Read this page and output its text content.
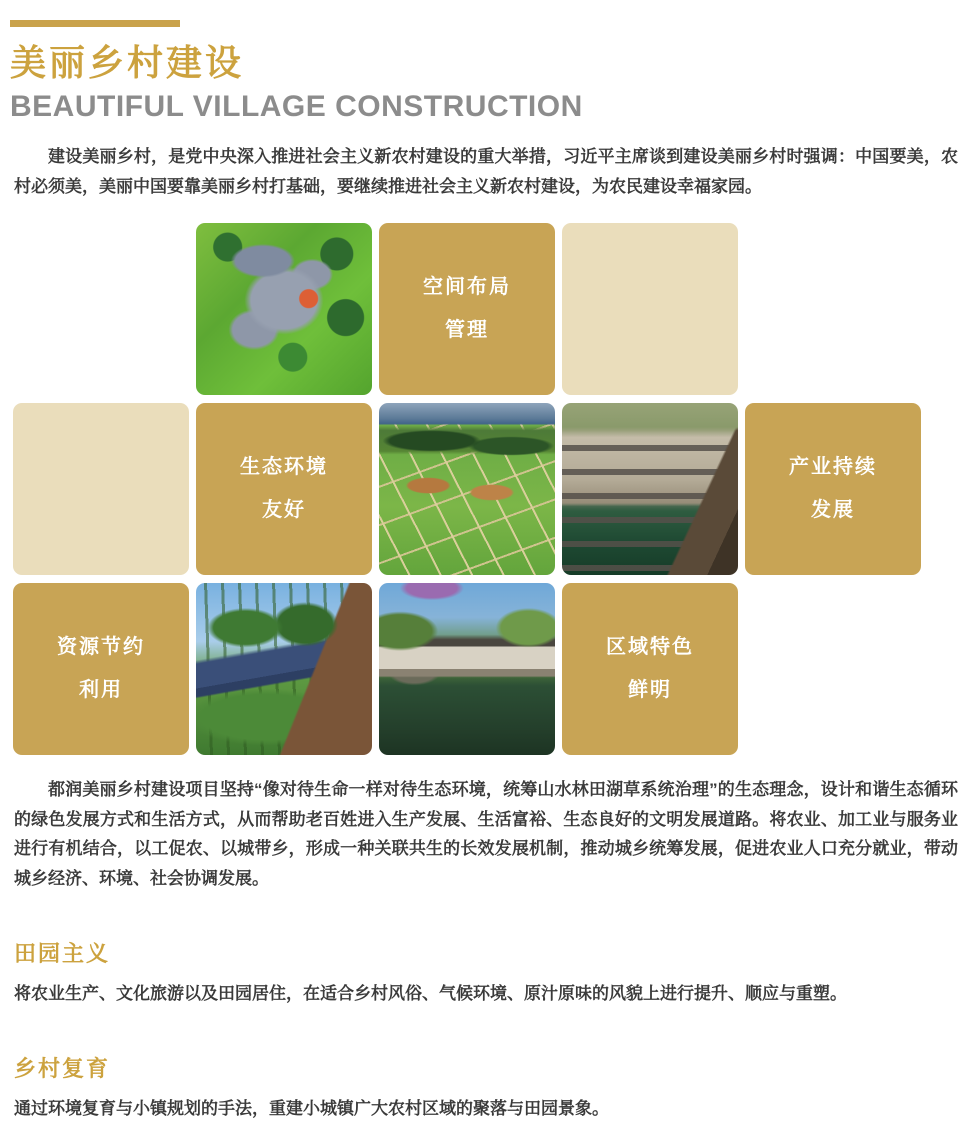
美丽乡村建设
BEAUTIFUL VILLAGE CONSTRUCTION

建设美丽乡村，是党中央深入推进社会主义新农村建设的重大举措，习近平主席谈到建设美丽乡村时强调：中国要美，农村必须美，美丽中国要靠美丽乡村打基础，要继续推进社会主义新农村建设，为农民建设幸福家园。

空间布局
管理
生态环境
友好
产业持续
发展
资源节约
利用
区域特色
鲜明

都润美丽乡村建设项目坚持“像对待生命一样对待生态环境，统筹山水林田湖草系统治理”的生态理念，设计和谐生态循环的绿色发展方式和生活方式，从而帮助老百姓进入生产发展、生活富裕、生态良好的文明发展道路。将农业、加工业与服务业进行有机结合，以工促农、以城带乡，形成一种关联共生的长效发展机制，推动城乡统筹发展，促进农业人口充分就业，带动城乡经济、环境、社会协调发展。

田园主义

将农业生产、文化旅游以及田园居住，在适合乡村风俗、气候环境、原汁原味的风貌上进行提升、顺应与重塑。

乡村复育

通过环境复育与小镇规划的手法，重建小城镇广大农村区域的聚落与田园景象。
